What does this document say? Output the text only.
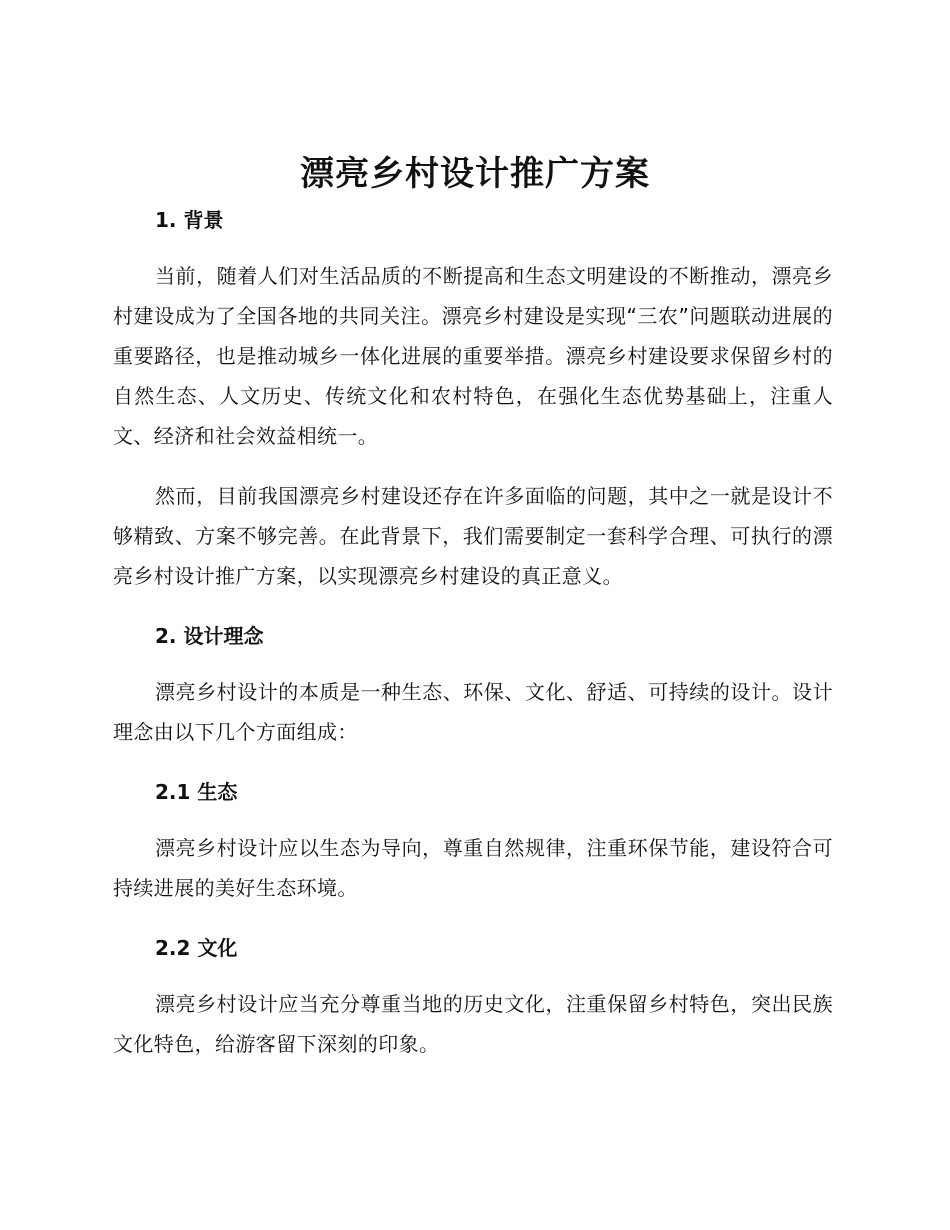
漂亮乡村设计推广方案
1. 背景

当前，随着人们对生活品质的不断提高和生态文明建设的不断推动，漂亮乡村建设成为了全国各地的共同关注。漂亮乡村建设是实现“三农”问题联动进展的重要路径，也是推动城乡一体化进展的重要举措。漂亮乡村建设要求保留乡村的自然生态、人文历史、传统文化和农村特色，在强化生态优势基础上，注重人文、经济和社会效益相统一。

然而，目前我国漂亮乡村建设还存在许多面临的问题，其中之一就是设计不够精致、方案不够完善。在此背景下，我们需要制定一套科学合理、可执行的漂亮乡村设计推广方案，以实现漂亮乡村建设的真正意义。

2. 设计理念

漂亮乡村设计的本质是一种生态、环保、文化、舒适、可持续的设计。设计理念由以下几个方面组成：

2.1 生态

漂亮乡村设计应以生态为导向，尊重自然规律，注重环保节能，建设符合可持续进展的美好生态环境。

2.2 文化

漂亮乡村设计应当充分尊重当地的历史文化，注重保留乡村特色，突出民族文化特色，给游客留下深刻的印象。
